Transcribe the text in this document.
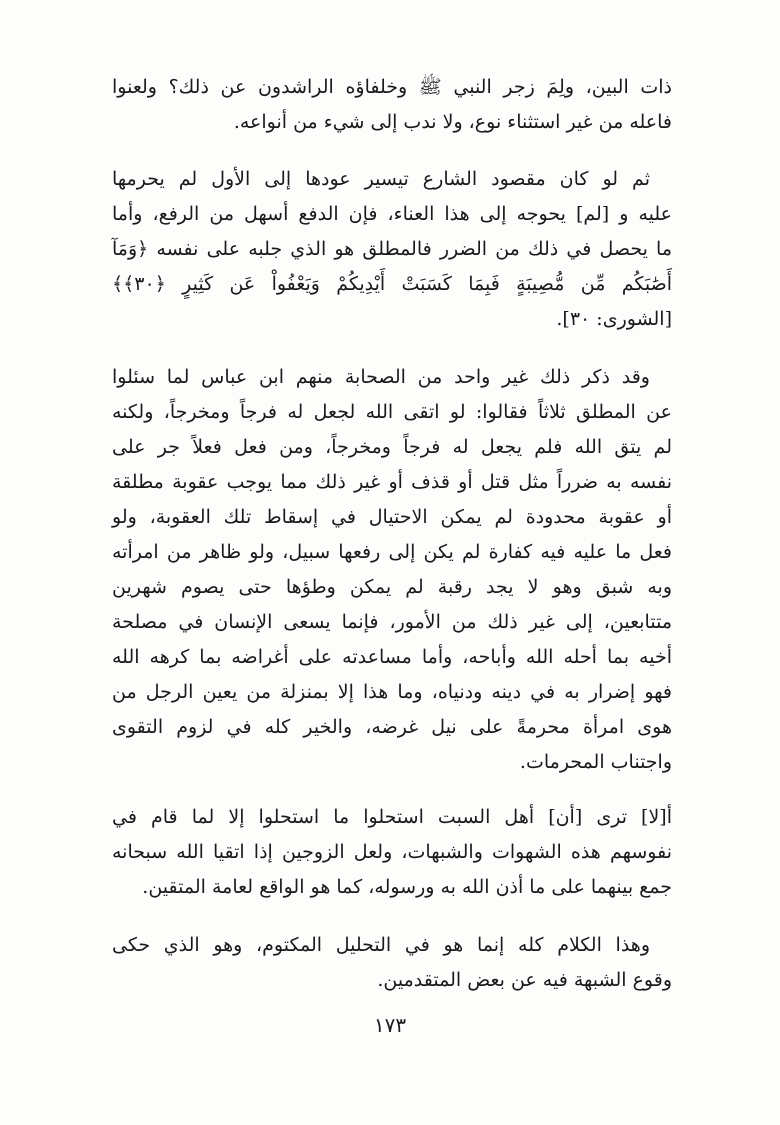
ذات البين، ولِمَ زجر النبي ﷺ وخلفاؤه الراشدون عن ذلك؟ ولعنوا
فاعله من غير استثناء نوع، ولا ندب إلى شيء من أنواعه.
ثم لو كان مقصود الشارع تيسير عودها إلى الأول لم يحرمها
عليه و [لم] يحوجه إلى هذا العناء، فإن الدفع أسهل من الرفع، وأما
ما يحصل في ذلك من الضرر فالمطلق هو الذي جلبه على نفسه ﴿وَمَآ
أَصَٰبَكُم مِّن مُّصِيبَةٍ فَبِمَا كَسَبَتْ أَيْدِيكُمْ وَيَعْفُواْ عَن كَثِيرٍ ﴿٣٠﴾﴾
[الشورى: ٣٠].
وقد ذكر ذلك غير واحد من الصحابة منهم ابن عباس لما سئلوا
عن المطلق ثلاثاً فقالوا: لو اتقى الله لجعل له فرجاً ومخرجاً، ولكنه
لم يتق الله فلم يجعل له فرجاً ومخرجاً، ومن فعل فعلاً جر على
نفسه به ضرراً مثل قتل أو قذف أو غير ذلك مما يوجب عقوبة مطلقة
أو عقوبة محدودة لم يمكن الاحتيال في إسقاط تلك العقوبة، ولو
فعل ما عليه فيه كفارة لم يكن إلى رفعها سبيل، ولو ظاهر من امرأته
وبه شبق وهو لا يجد رقبة لم يمكن وطؤها حتى يصوم شهرين
متتابعين، إلى غير ذلك من الأمور، فإنما يسعى الإنسان في مصلحة
أخيه بما أحله الله وأباحه، وأما مساعدته على أغراضه بما كرهه الله
فهو إضرار به في دينه ودنياه، وما هذا إلا بمنزلة من يعين الرجل من
هوى امرأة محرمةً على نيل غرضه، والخير كله في لزوم التقوى
واجتناب المحرمات.
أ[لا] ترى [أن] أهل السبت استحلوا ما استحلوا إلا لما قام في
نفوسهم هذه الشهوات والشبهات، ولعل الزوجين إذا اتقيا الله سبحانه
جمع بينهما على ما أذن الله به ورسوله، كما هو الواقع لعامة المتقين.
وهذا الكلام كله إنما هو في التحليل المكتوم، وهو الذي حكى
وقوع الشبهة فيه عن بعض المتقدمين.
١٧٣
